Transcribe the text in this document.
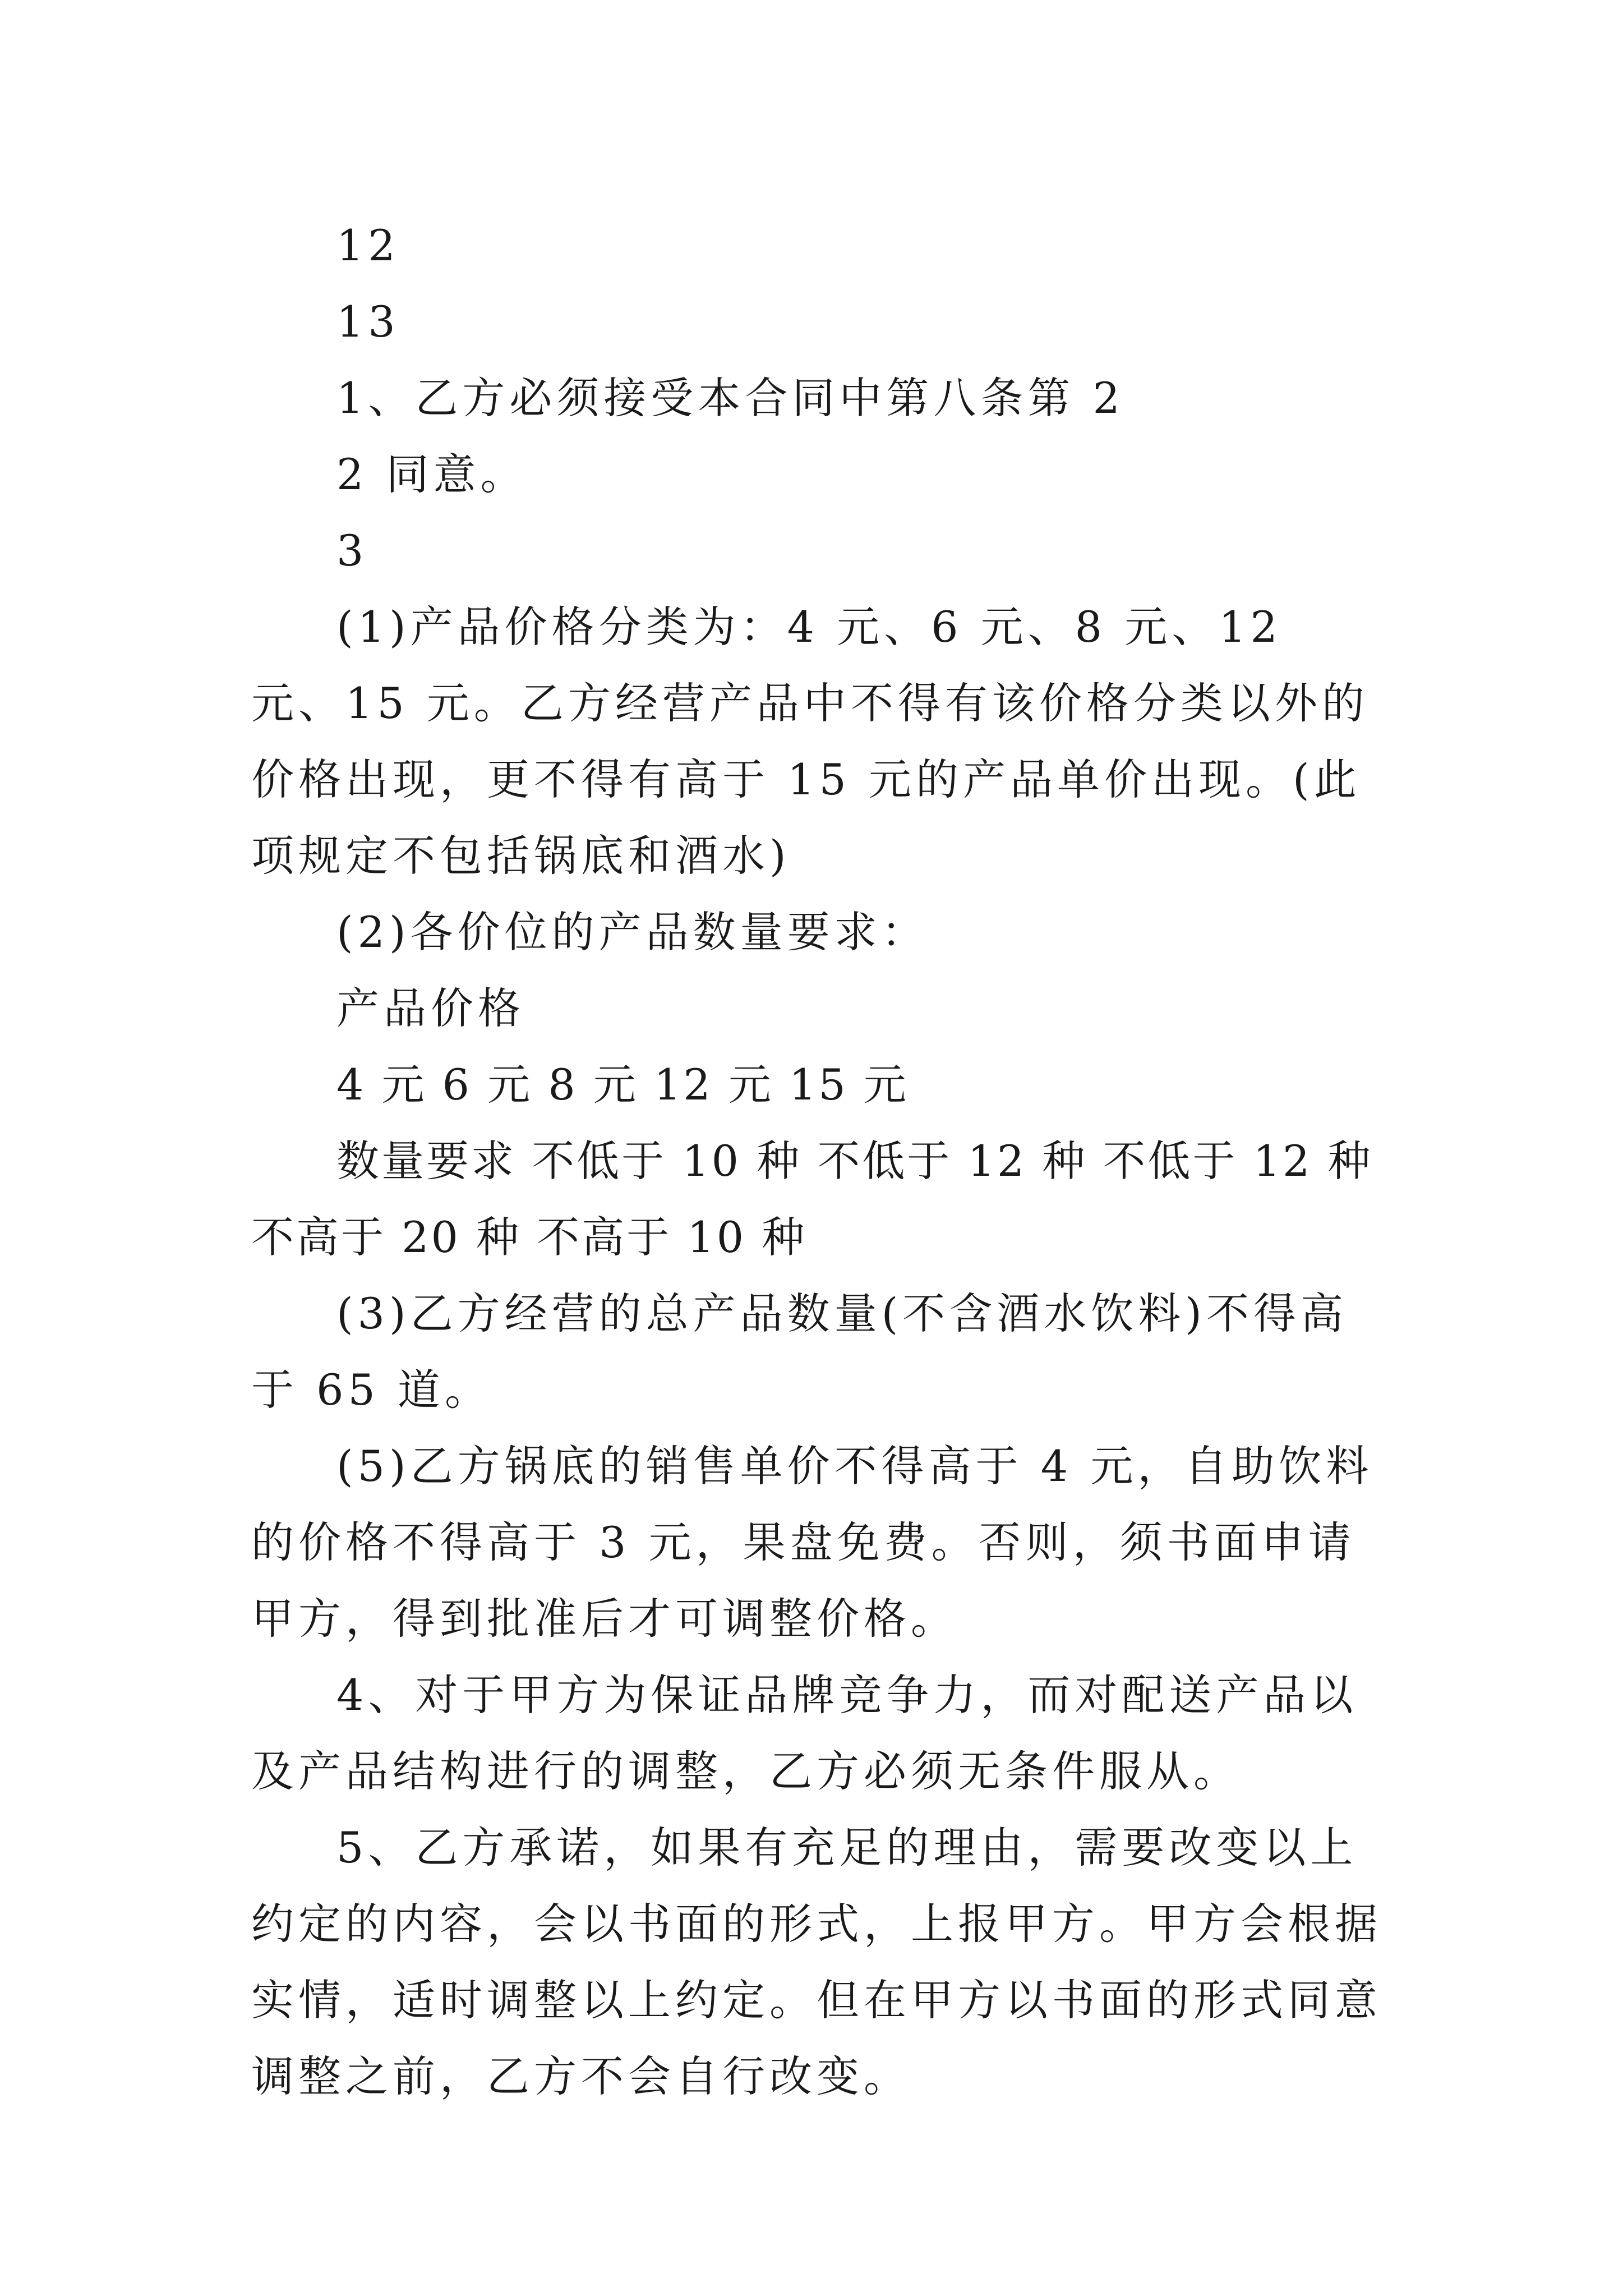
12

13

1、乙方必须接受本合同中第八条第 2

2 同意。

3

(1)产品价格分类为：4 元、6 元、8 元、12 元、15 元。乙方经营产品中不得有该价格分类以外的价格出现，更不得有高于 15 元的产品单价出现。(此项规定不包括锅底和酒水)

(2)各价位的产品数量要求：

产品价格

4 元 6 元 8 元 12 元 15 元

数量要求 不低于 10 种 不低于 12 种 不低于 12 种 不高于 20 种 不高于 10 种

(3)乙方经营的总产品数量(不含酒水饮料)不得高于 65 道。

(5)乙方锅底的销售单价不得高于 4 元，自助饮料的价格不得高于 3 元，果盘免费。否则，须书面申请甲方，得到批准后才可调整价格。

4、对于甲方为保证品牌竞争力，而对配送产品以及产品结构进行的调整，乙方必须无条件服从。

5、乙方承诺，如果有充足的理由，需要改变以上约定的内容，会以书面的形式，上报甲方。甲方会根据实情，适时调整以上约定。但在甲方以书面的形式同意调整之前，乙方不会自行改变。
